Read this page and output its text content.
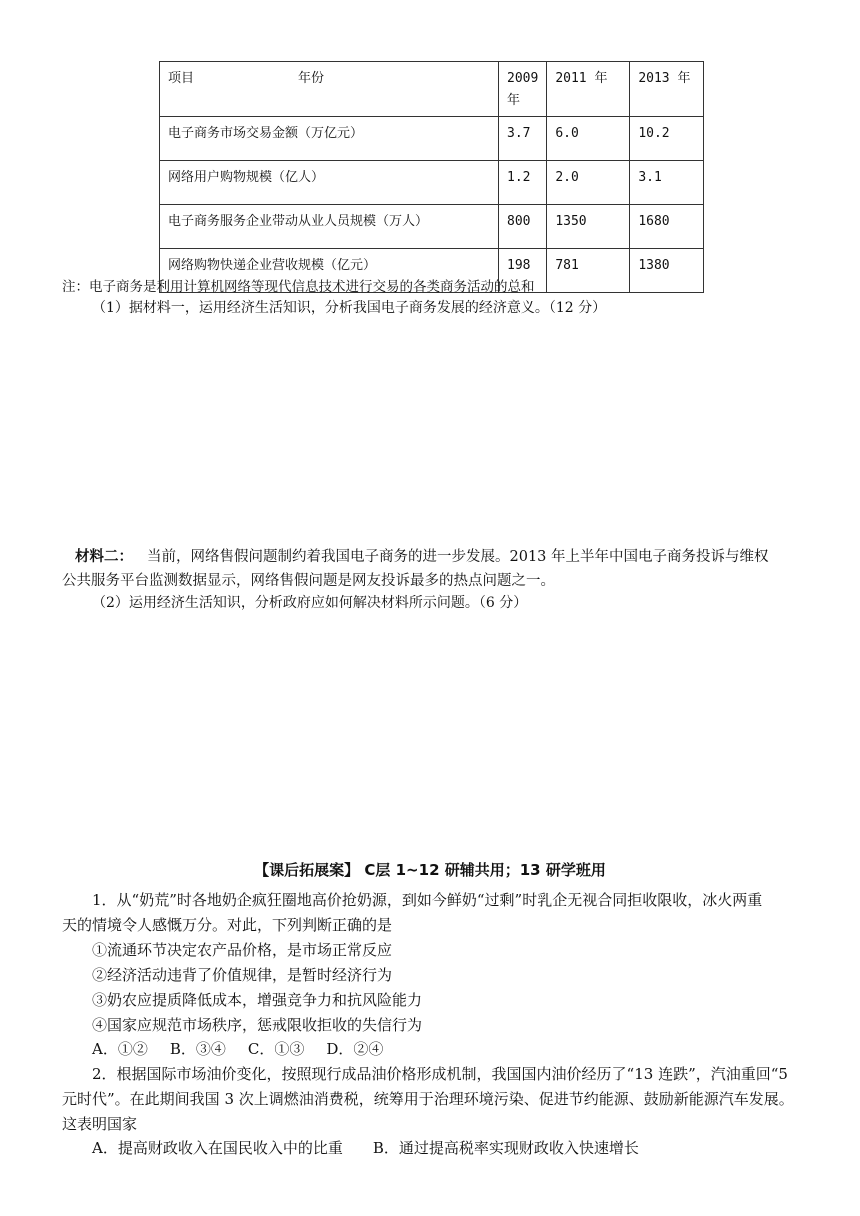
项目 年份	2009年	2011 年	2013 年
电子商务市场交易金额（万亿元）	3.7	6.0	10.2
网络用户购物规模（亿人）	1.2	2.0	3.1
电子商务服务企业带动从业人员规模（万人）	800	1350	1680
网络购物快递企业营收规模（亿元）	198	781	1380
注：电子商务是利用计算机网络等现代信息技术进行交易的各类商务活动的总和
（1）据材料一，运用经济生活知识，分析我国电子商务发展的经济意义。（12 分）
材料二： 当前，网络售假问题制约着我国电子商务的进一步发展。2013 年上半年中国电子商务投诉与维权
公共服务平台监测数据显示，网络售假问题是网友投诉最多的热点问题之一。
（2）运用经济生活知识，分析政府应如何解决材料所示问题。（6 分）
【课后拓展案】 C层 1~12 研辅共用；13 研学班用
1．从“奶荒”时各地奶企疯狂圈地高价抢奶源，到如今鲜奶“过剩”时乳企无视合同拒收限收，冰火两重
天的情境令人感慨万分。对此，下列判断正确的是
①流通环节决定农产品价格，是市场正常反应
②经济活动违背了价值规律，是暂时经济行为
③奶农应提质降低成本，增强竞争力和抗风险能力
④国家应规范市场秩序，惩戒限收拒收的失信行为
A．①② B．③④ C．①③ D．②④
2．根据国际市场油价变化，按照现行成品油价格形成机制，我国国内油价经历了“13 连跌”，汽油重回“5
元时代”。在此期间我国 3 次上调燃油消费税，统筹用于治理环境污染、促进节约能源、鼓励新能源汽车发展。
这表明国家
A．提高财政收入在国民收入中的比重 B．通过提高税率实现财政收入快速增长
